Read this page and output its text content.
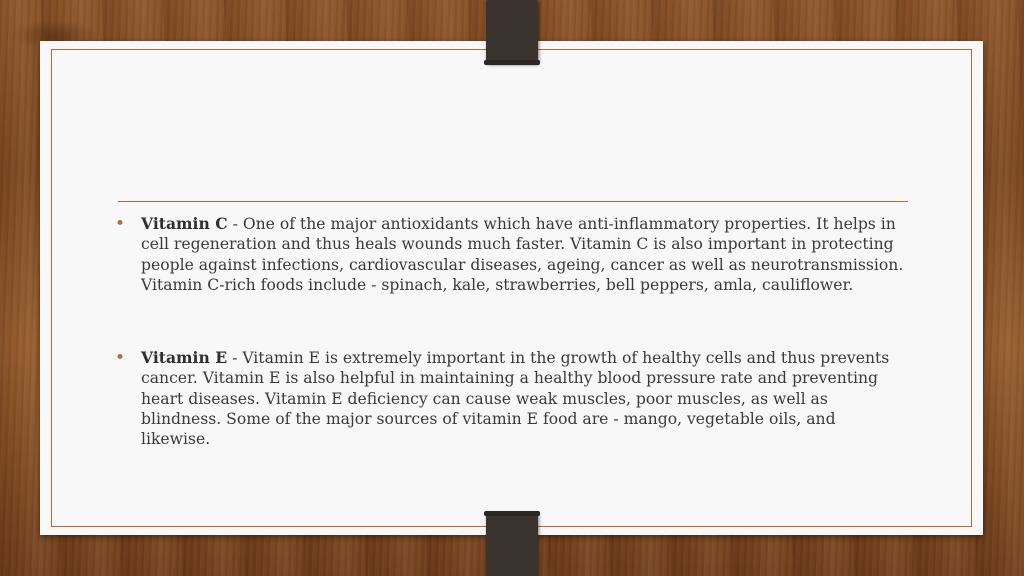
• Vitamin C - One of the major antioxidants which have anti-inflammatory properties. It helps in cell regeneration and thus heals wounds much faster. Vitamin C is also important in protecting people against infections, cardiovascular diseases, ageing, cancer as well as neurotransmission. Vitamin C-rich foods include - spinach, kale, strawberries, bell peppers, amla, cauliflower.

• Vitamin E - Vitamin E is extremely important in the growth of healthy cells and thus prevents cancer. Vitamin E is also helpful in maintaining a healthy blood pressure rate and preventing heart diseases. Vitamin E deficiency can cause weak muscles, poor muscles, as well as blindness. Some of the major sources of vitamin E food are - mango, vegetable oils, and likewise.
